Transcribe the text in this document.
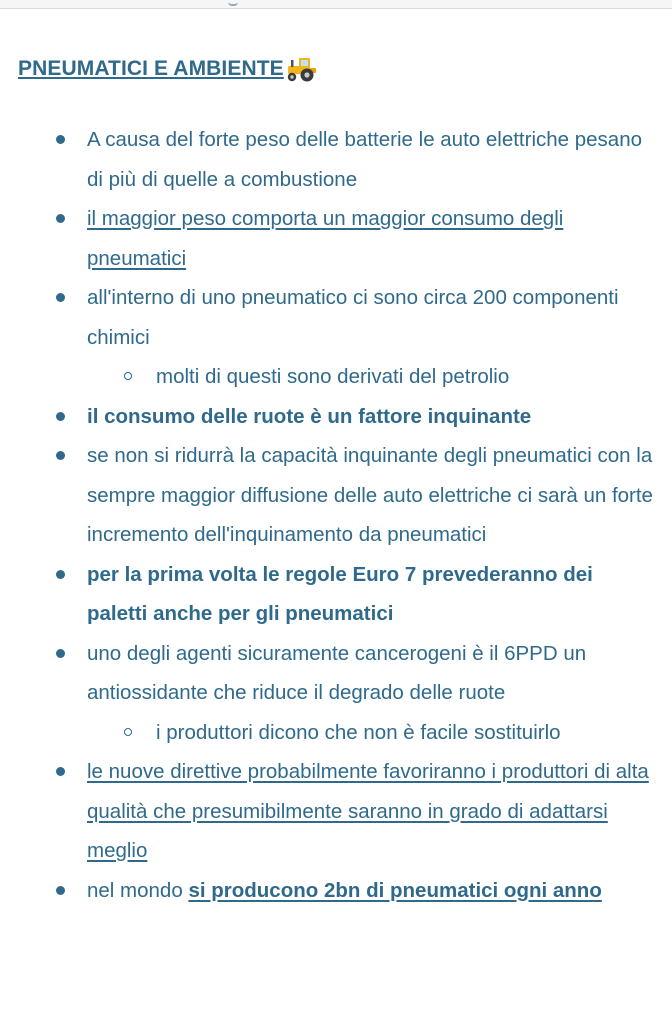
PNEUMATICI E AMBIENTE
A causa del forte peso delle batterie le auto elettriche pesano di più di quelle a combustione
il maggior peso comporta un maggior consumo degli pneumatici
all'interno di uno pneumatico ci sono circa 200 componenti chimici
molti di questi sono derivati del petrolio
il consumo delle ruote è un fattore inquinante
se non si ridurrà la capacità inquinante degli pneumatici con la sempre maggior diffusione delle auto elettriche ci sarà un forte incremento dell'inquinamento da pneumatici
per la prima volta le regole Euro 7 prevederanno dei paletti anche per gli pneumatici
uno degli agenti sicuramente cancerogeni è il 6PPD un antiossidante che riduce il degrado delle ruote
i produttori dicono che non è facile sostituirlo
le nuove direttive probabilmente favoriranno i produttori di alta qualità che presumibilmente saranno in grado di adattarsi meglio
nel mondo si producono 2bn di pneumatici ogni anno
